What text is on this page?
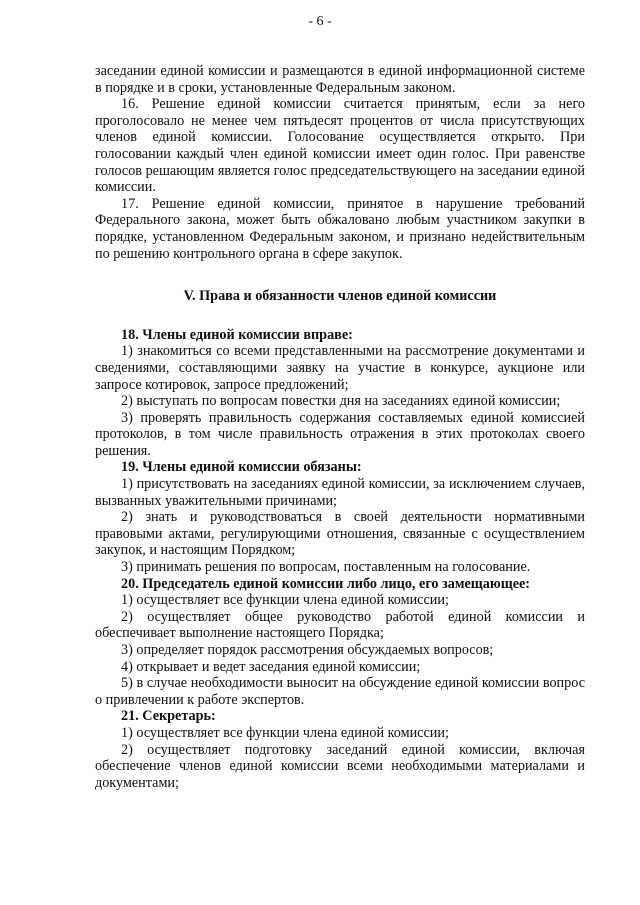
- 6 -

заседании единой комиссии и размещаются в единой информационной системе в порядке и в сроки, установленные Федеральным законом.

16. Решение единой комиссии считается принятым, если за него проголосовало не менее чем пятьдесят процентов от числа присутствующих членов единой комиссии. Голосование осуществляется открыто. При голосовании каждый член единой комиссии имеет один голос. При равенстве голосов решающим является голос председательствующего на заседании единой комиссии.

17. Решение единой комиссии, принятое в нарушение требований Федерального закона, может быть обжаловано любым участником закупки в порядке, установленном Федеральным законом, и признано недействительным по решению контрольного органа в сфере закупок.

V. Права и обязанности членов единой комиссии

18. Члены единой комиссии вправе:

1) знакомиться со всеми представленными на рассмотрение документами и сведениями, составляющими заявку на участие в конкурсе, аукционе или запросе котировок, запросе предложений;

2) выступать по вопросам повестки дня на заседаниях единой комиссии;

3) проверять правильность содержания составляемых единой комиссией протоколов, в том числе правильность отражения в этих протоколах своего решения.

19. Члены единой комиссии обязаны:

1) присутствовать на заседаниях единой комиссии, за исключением случаев, вызванных уважительными причинами;

2) знать и руководствоваться в своей деятельности нормативными правовыми актами, регулирующими отношения, связанные с осуществлением закупок, и настоящим Порядком;

3) принимать решения по вопросам, поставленным на голосование.

20. Председатель единой комиссии либо лицо, его замещающее:

1) осуществляет все функции члена единой комиссии;

2) осуществляет общее руководство работой единой комиссии и обеспечивает выполнение настоящего Порядка;

3) определяет порядок рассмотрения обсуждаемых вопросов;

4) открывает и ведет заседания единой комиссии;

5) в случае необходимости выносит на обсуждение единой комиссии вопрос о привлечении к работе экспертов.

21. Секретарь:

1) осуществляет все функции члена единой комиссии;

2) осуществляет подготовку заседаний единой комиссии, включая обеспечение членов единой комиссии всеми необходимыми материалами и документами;
